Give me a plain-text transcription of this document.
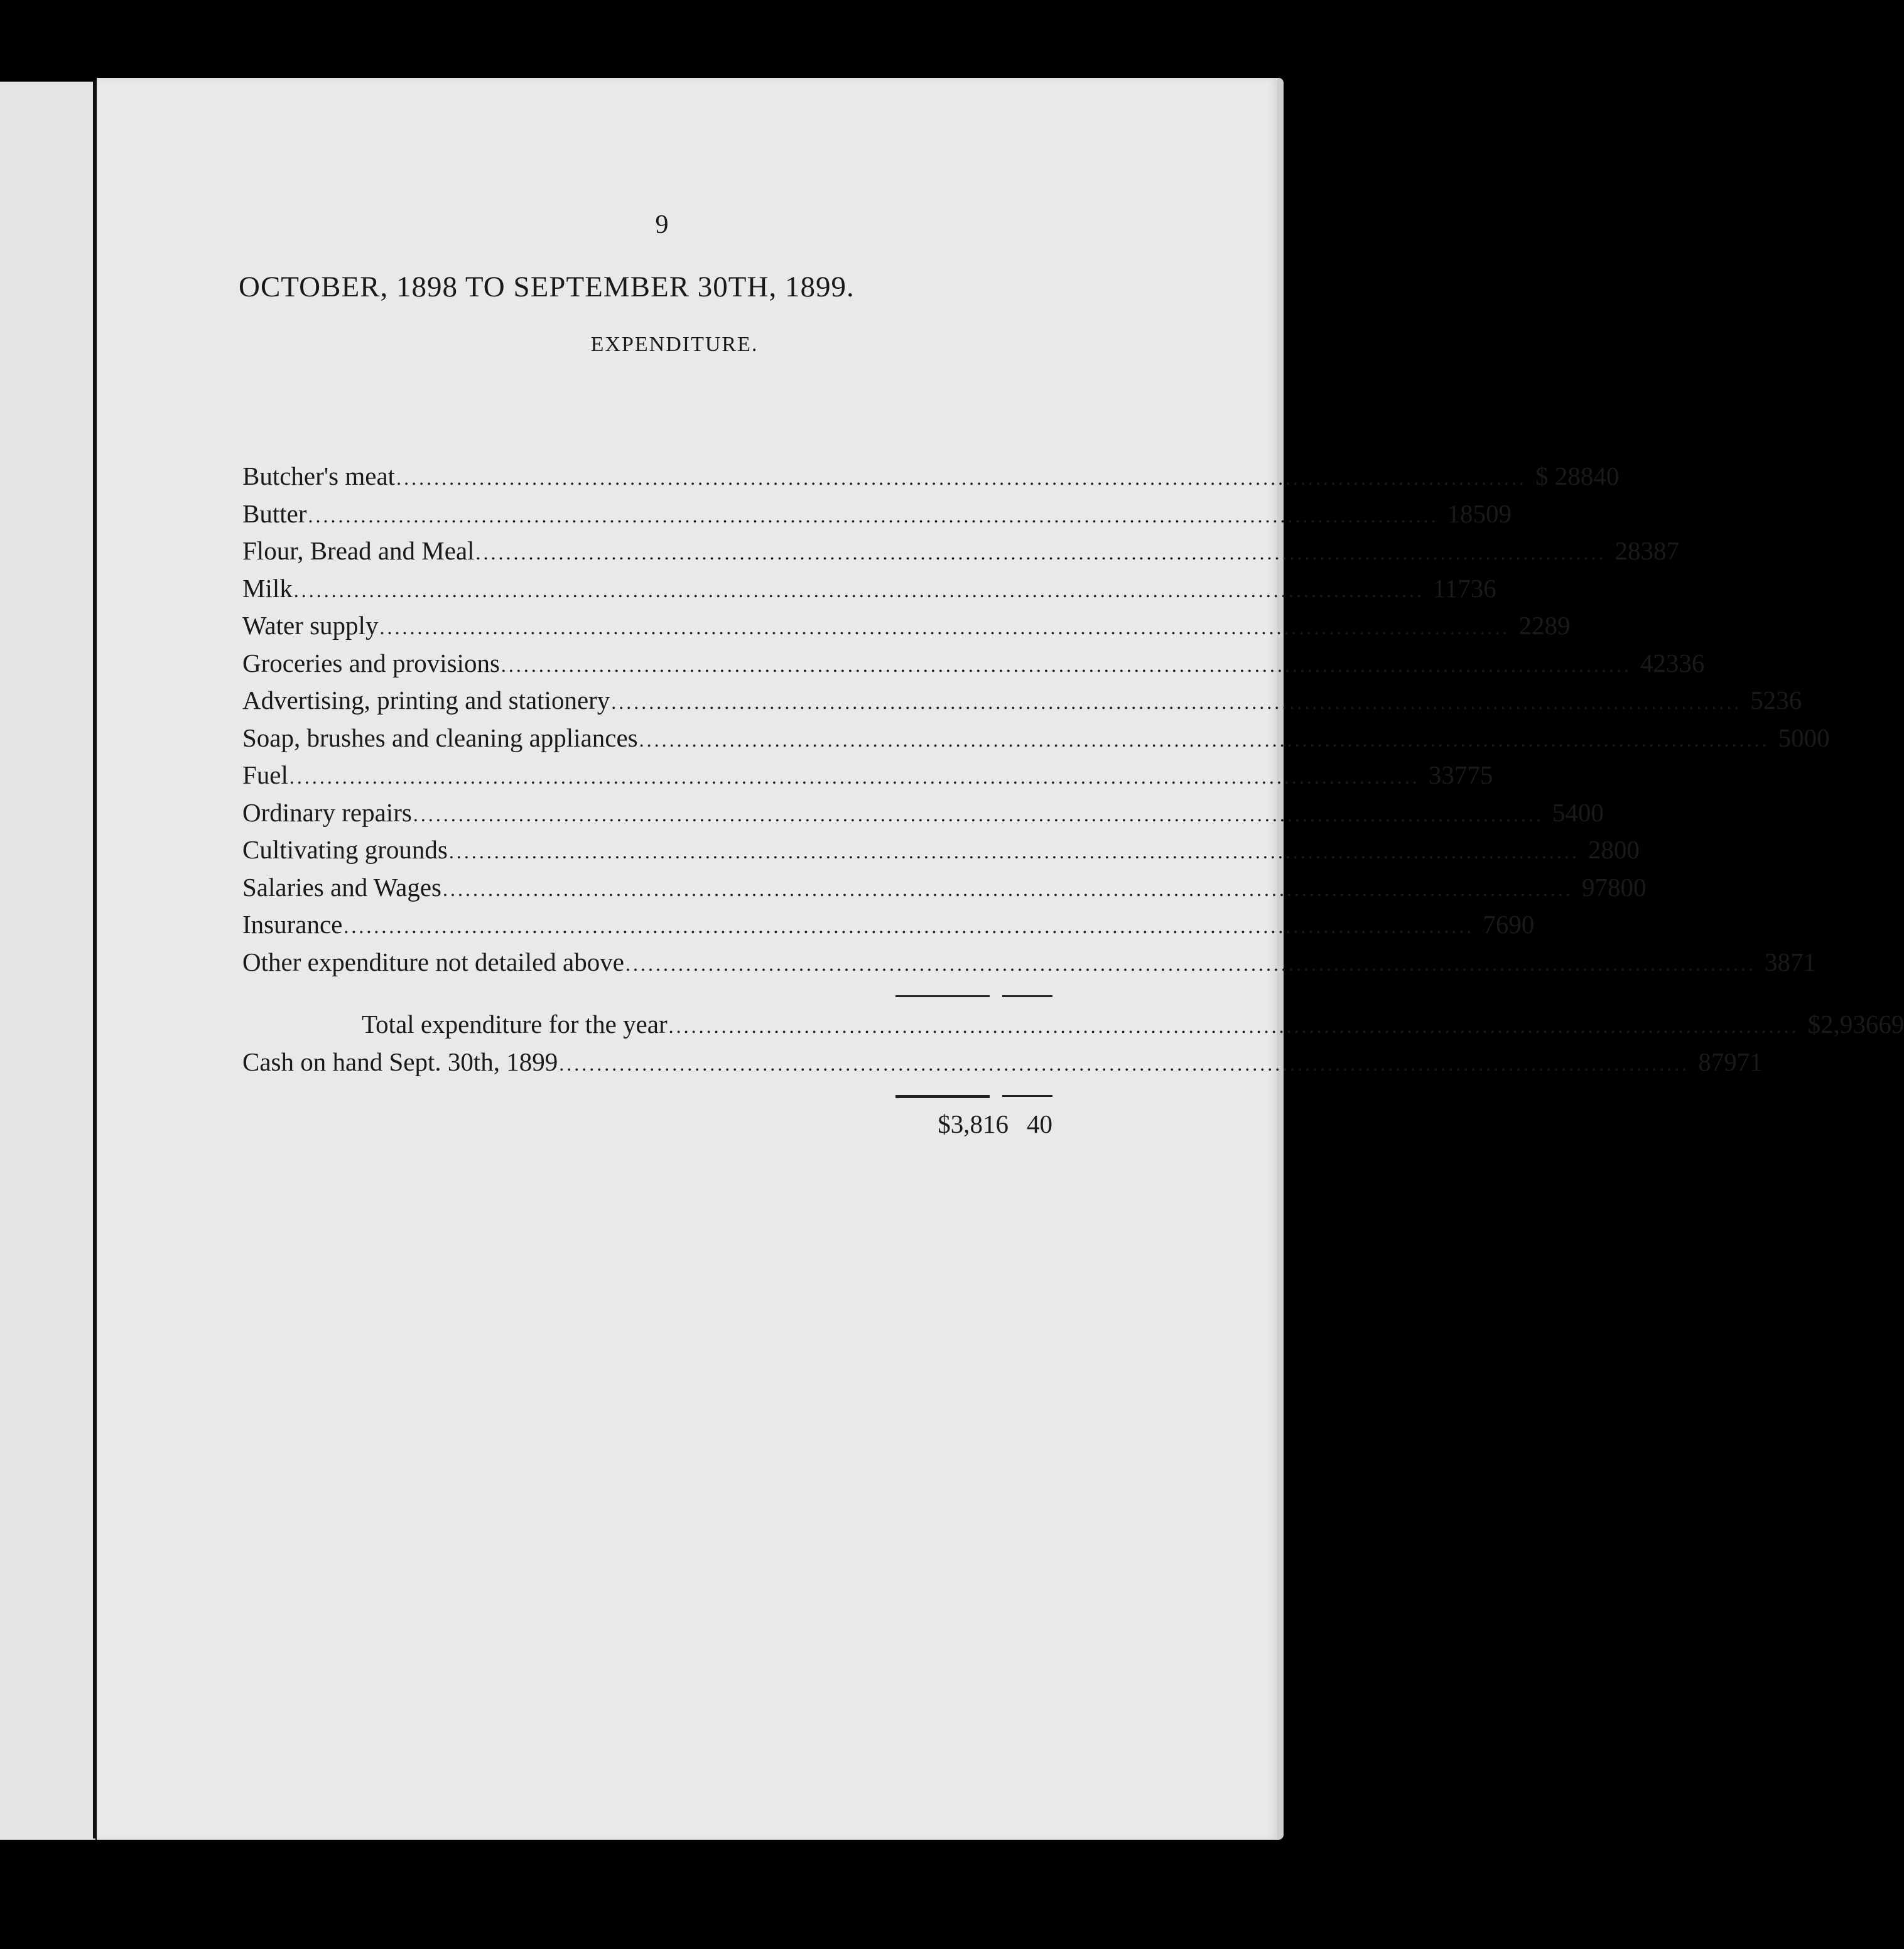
9
OCTOBER, 1898 TO SEPTEMBER 30TH, 1899.
EXPENDITURE.
Butcher's meat ...................................................................................................................................................... $ 288 40
Butter ...................................................................................................................................................... 185 09
Flour, Bread and Meal ...................................................................................................................................................... 283 87
Milk ...................................................................................................................................................... 117 36
Water supply ...................................................................................................................................................... 22 89
Groceries and provisions ...................................................................................................................................................... 423 36
Advertising, printing and stationery ...................................................................................................................................................... 52 36
Soap, brushes and cleaning appliances ...................................................................................................................................................... 50 00
Fuel ...................................................................................................................................................... 337 75
Ordinary repairs ...................................................................................................................................................... 54 00
Cultivating grounds ...................................................................................................................................................... 28 00
Salaries and Wages ...................................................................................................................................................... 978 00
Insurance ...................................................................................................................................................... 76 90
Other expenditure not detailed above ...................................................................................................................................................... 38 71
Total expenditure for the year ...................................................................................................................................................... $2,936 69
Cash on hand Sept. 30th, 1899 ...................................................................................................................................................... 879 71
$3,816 40
